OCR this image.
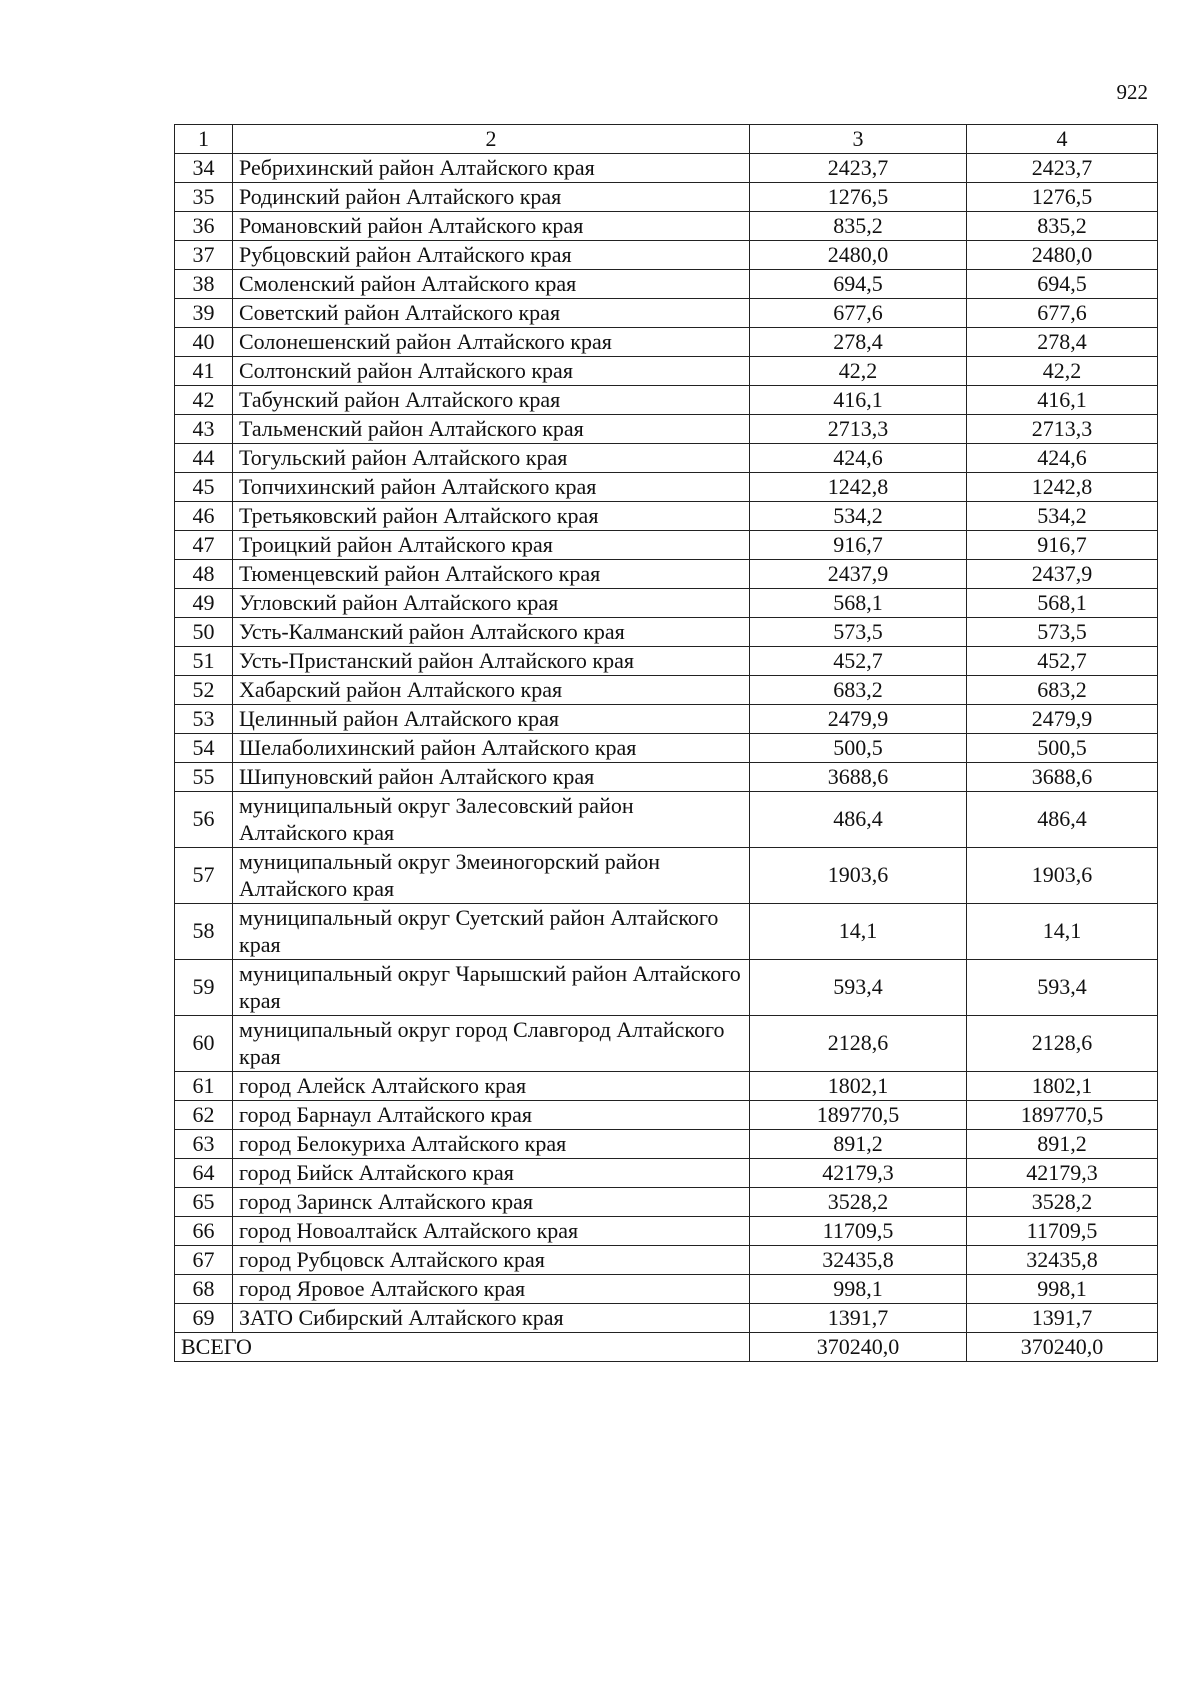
922
1	2	3	4
34	Ребрихинский район Алтайского края	2423,7	2423,7
35	Родинский район Алтайского края	1276,5	1276,5
36	Романовский район Алтайского края	835,2	835,2
37	Рубцовский район Алтайского края	2480,0	2480,0
38	Смоленский район Алтайского края	694,5	694,5
39	Советский район Алтайского края	677,6	677,6
40	Солонешенский район Алтайского края	278,4	278,4
41	Солтонский район Алтайского края	42,2	42,2
42	Табунский район Алтайского края	416,1	416,1
43	Тальменский район Алтайского края	2713,3	2713,3
44	Тогульский район Алтайского края	424,6	424,6
45	Топчихинский район Алтайского края	1242,8	1242,8
46	Третьяковский район Алтайского края	534,2	534,2
47	Троицкий район Алтайского края	916,7	916,7
48	Тюменцевский район Алтайского края	2437,9	2437,9
49	Угловский район Алтайского края	568,1	568,1
50	Усть-Калманский район Алтайского края	573,5	573,5
51	Усть-Пристанский район Алтайского края	452,7	452,7
52	Хабарский район Алтайского края	683,2	683,2
53	Целинный район Алтайского края	2479,9	2479,9
54	Шелаболихинский район Алтайского края	500,5	500,5
55	Шипуновский район Алтайского края	3688,6	3688,6
56	муниципальный округ Залесовский район Алтайского края	486,4	486,4
57	муниципальный округ Змеиногорский район Алтайского края	1903,6	1903,6
58	муниципальный округ Суетский район Алтайского края	14,1	14,1
59	муниципальный округ Чарышский район Алтайского края	593,4	593,4
60	муниципальный округ город Славгород Алтайского края	2128,6	2128,6
61	город Алейск Алтайского края	1802,1	1802,1
62	город Барнаул Алтайского края	189770,5	189770,5
63	город Белокуриха Алтайского края	891,2	891,2
64	город Бийск Алтайского края	42179,3	42179,3
65	город Заринск Алтайского края	3528,2	3528,2
66	город Новоалтайск Алтайского края	11709,5	11709,5
67	город Рубцовск Алтайского края	32435,8	32435,8
68	город Яровое Алтайского края	998,1	998,1
69	ЗАТО Сибирский Алтайского края	1391,7	1391,7
ВСЕГО		370240,0	370240,0
